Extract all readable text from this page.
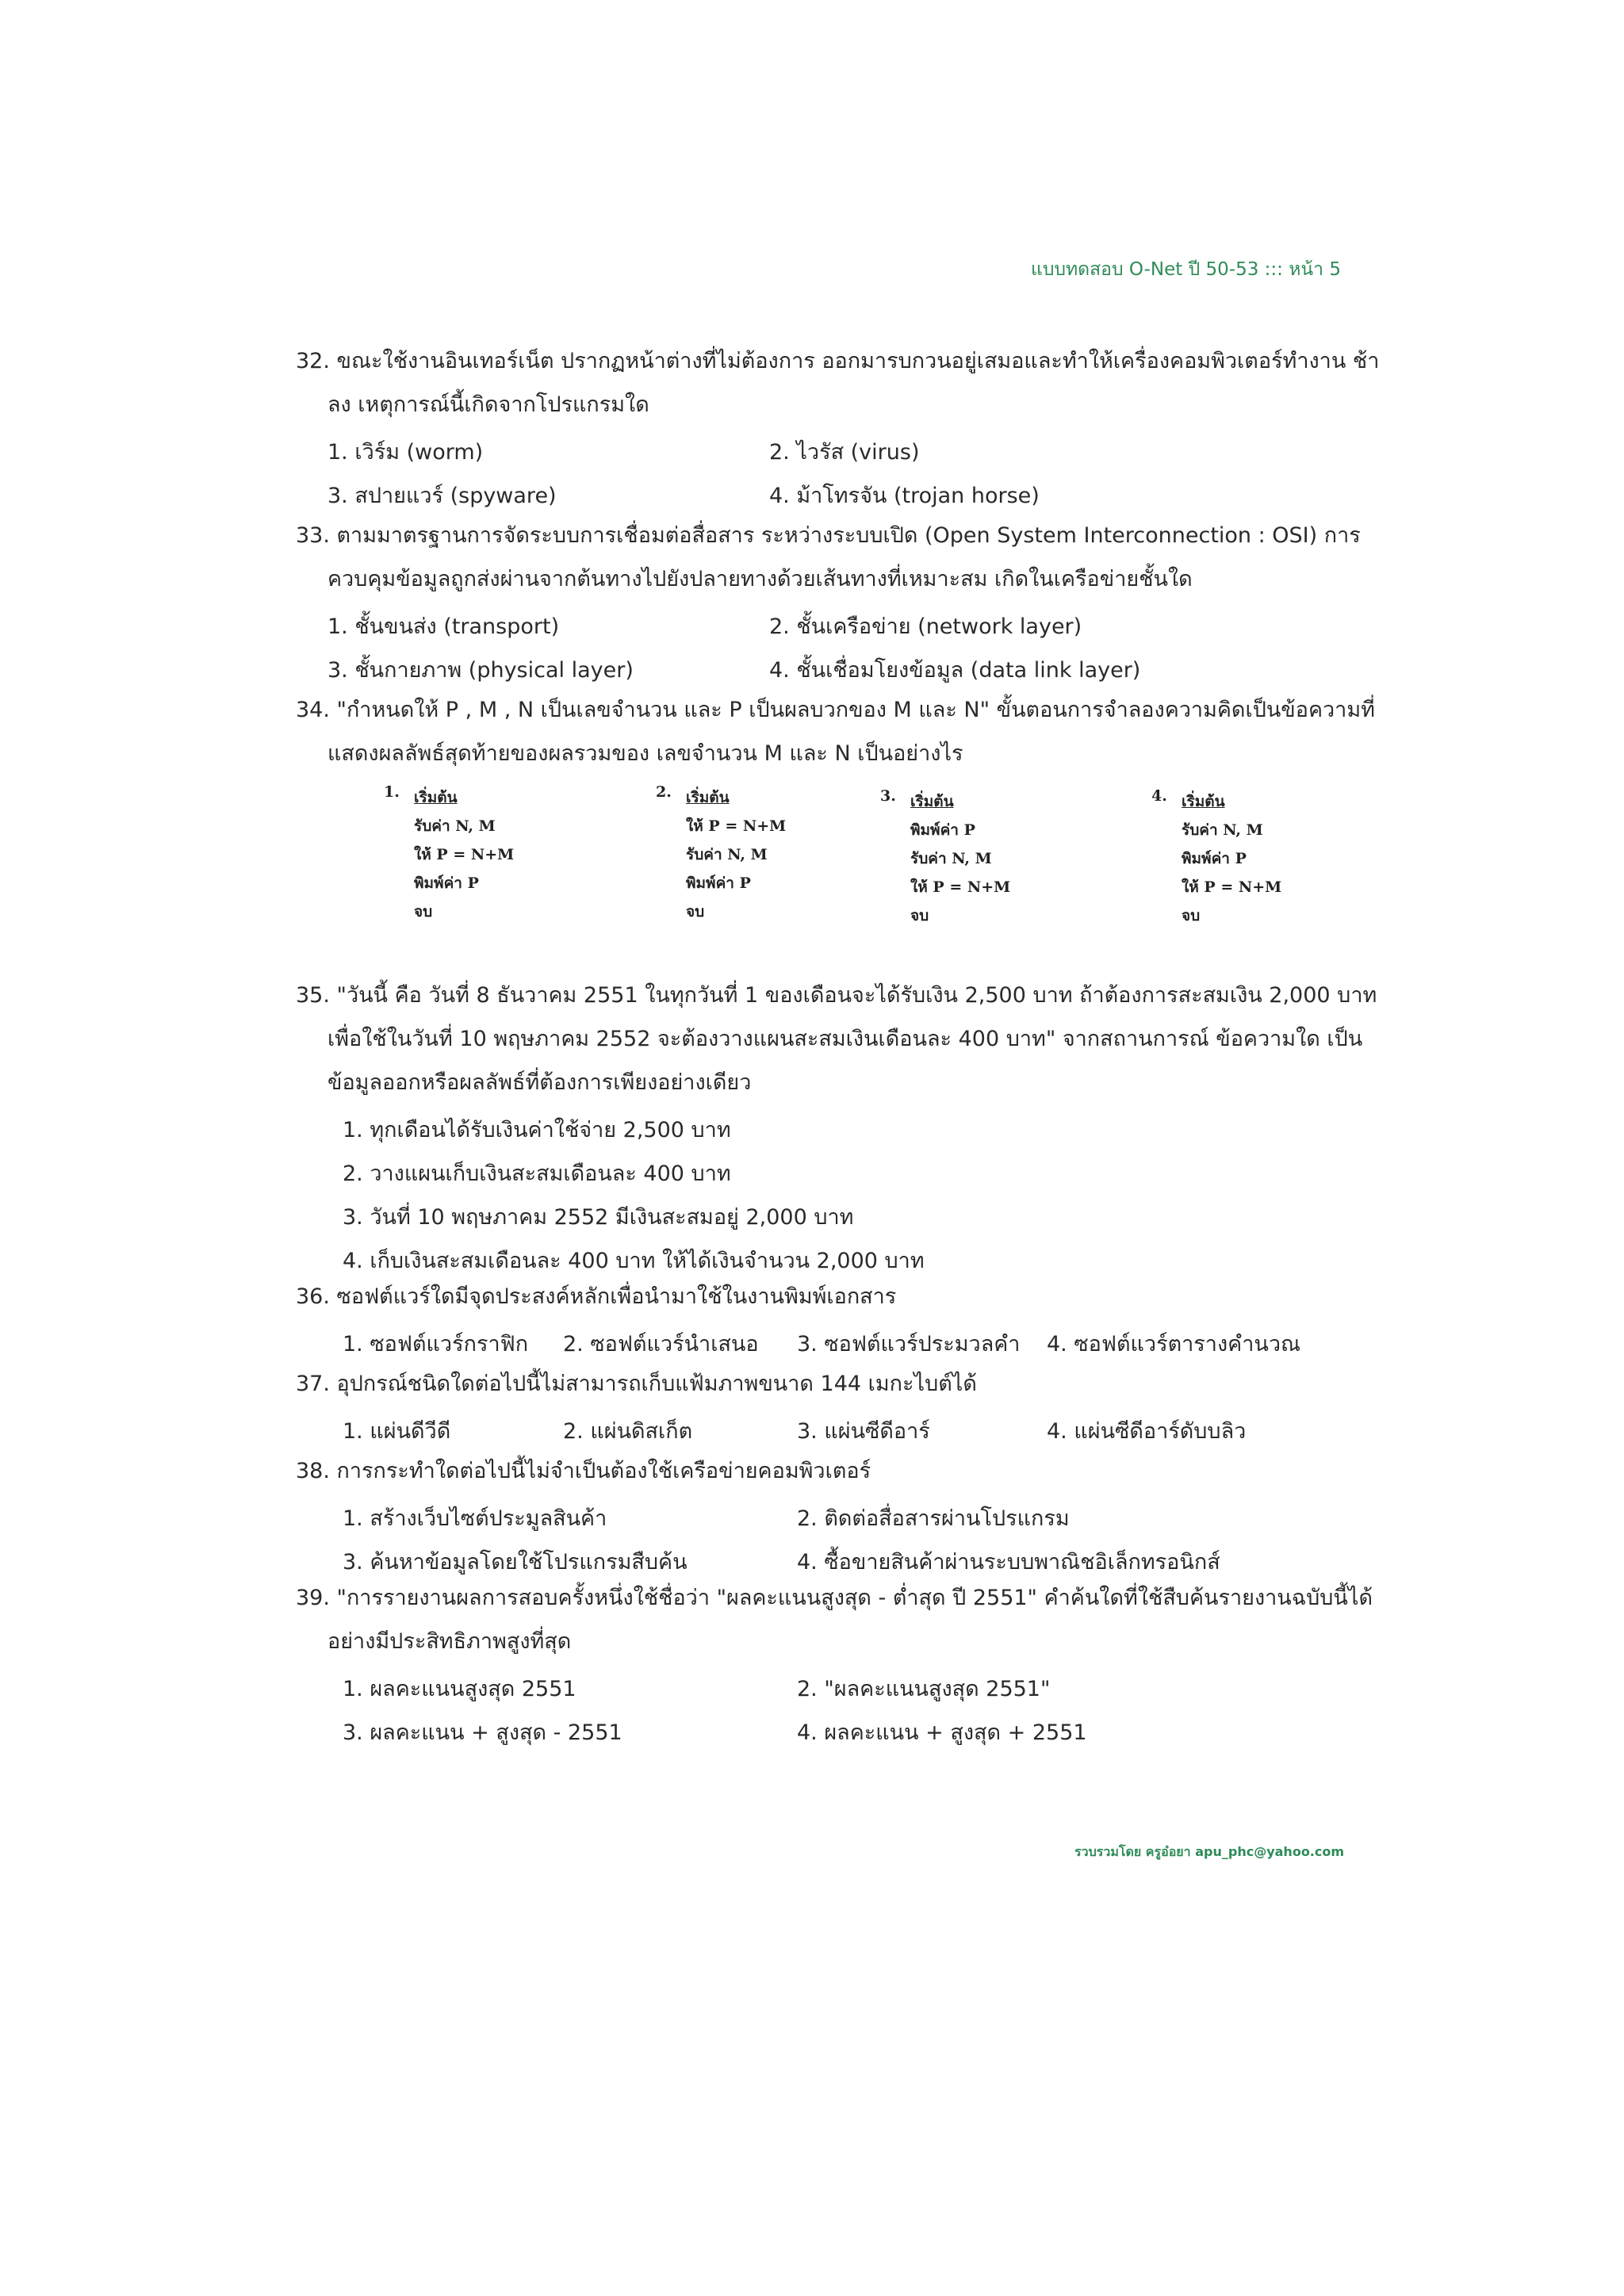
แบบทดสอบ O-Net ปี 50-53 ::: หน้า 5
32. ขณะใช้งานอินเทอร์เน็ต ปรากฏหน้าต่างที่ไม่ต้องการ ออกมารบกวนอยู่เสมอและทำให้เครื่องคอมพิวเตอร์ทำงาน ช้า
ลง เหตุการณ์นี้เกิดจากโปรแกรมใด
1. เวิร์ม (worm)	2. ไวรัส (virus)
3. สปายแวร์ (spyware)	4. ม้าโทรจัน (trojan horse)
33. ตามมาตรฐานการจัดระบบการเชื่อมต่อสื่อสาร ระหว่างระบบเปิด (Open System Interconnection : OSI) การ
ควบคุมข้อมูลถูกส่งผ่านจากต้นทางไปยังปลายทางด้วยเส้นทางที่เหมาะสม เกิดในเครือข่ายชั้นใด
1. ชั้นขนส่ง (transport)	2. ชั้นเครือข่าย (network layer)
3. ชั้นกายภาพ (physical layer)	4. ชั้นเชื่อมโยงข้อมูล (data link layer)
34. "กำหนดให้ P , M , N เป็นเลขจำนวน และ P เป็นผลบวกของ M และ N" ขั้นตอนการจำลองความคิดเป็นข้อความที่
แสดงผลลัพธ์สุดท้ายของผลรวมของ เลขจำนวน M และ N เป็นอย่างไร
1. เริ่มต้น
รับค่า N, M
ให้ P = N+M
พิมพ์ค่า P
จบ
2. เริ่มต้น
ให้ P = N+M
รับค่า N, M
พิมพ์ค่า P
จบ
3. เริ่มต้น
พิมพ์ค่า P
รับค่า N, M
ให้ P = N+M
จบ
4. เริ่มต้น
รับค่า N, M
พิมพ์ค่า P
ให้ P = N+M
จบ
35. "วันนี้ คือ วันที่ 8 ธันวาคม 2551 ในทุกวันที่ 1 ของเดือนจะได้รับเงิน 2,500 บาท ถ้าต้องการสะสมเงิน 2,000 บาท
เพื่อใช้ในวันที่ 10 พฤษภาคม 2552 จะต้องวางแผนสะสมเงินเดือนละ 400 บาท" จากสถานการณ์ ข้อความใด เป็น
ข้อมูลออกหรือผลลัพธ์ที่ต้องการเพียงอย่างเดียว
1. ทุกเดือนได้รับเงินค่าใช้จ่าย 2,500 บาท
2. วางแผนเก็บเงินสะสมเดือนละ 400 บาท
3. วันที่ 10 พฤษภาคม 2552 มีเงินสะสมอยู่ 2,000 บาท
4. เก็บเงินสะสมเดือนละ 400 บาท ให้ได้เงินจำนวน 2,000 บาท
36. ซอฟต์แวร์ใดมีจุดประสงค์หลักเพื่อนำมาใช้ในงานพิมพ์เอกสาร
1. ซอฟต์แวร์กราฟิก 2. ซอฟต์แวร์นำเสนอ 3. ซอฟต์แวร์ประมวลคำ 4. ซอฟต์แวร์ตารางคำนวณ
37. อุปกรณ์ชนิดใดต่อไปนี้ไม่สามารถเก็บแฟ้มภาพขนาด 144 เมกะไบต์ได้
1. แผ่นดีวีดี	2. แผ่นดิสเก็ต	3. แผ่นซีดีอาร์	4. แผ่นซีดีอาร์ดับบลิว
38. การกระทำใดต่อไปนี้ไม่จำเป็นต้องใช้เครือข่ายคอมพิวเตอร์
1. สร้างเว็บไซต์ประมูลสินค้า	2. ติดต่อสื่อสารผ่านโปรแกรม
3. ค้นหาข้อมูลโดยใช้โปรแกรมสืบค้น	4. ซื้อขายสินค้าผ่านระบบพาณิชอิเล็กทรอนิกส์
39. "การรายงานผลการสอบครั้งหนึ่งใช้ชื่อว่า "ผลคะแนนสูงสุด - ต่ำสุด ปี 2551" คำค้นใดที่ใช้สืบค้นรายงานฉบับนี้ได้
อย่างมีประสิทธิภาพสูงที่สุด
1. ผลคะแนนสูงสุด 2551	2. "ผลคะแนนสูงสุด 2551"
3. ผลคะแนน + สูงสุด - 2551	4. ผลคะแนน + สูงสุด + 2551
รวบรวมโดย ครูอ๋อยา apu_phc@yahoo.com
